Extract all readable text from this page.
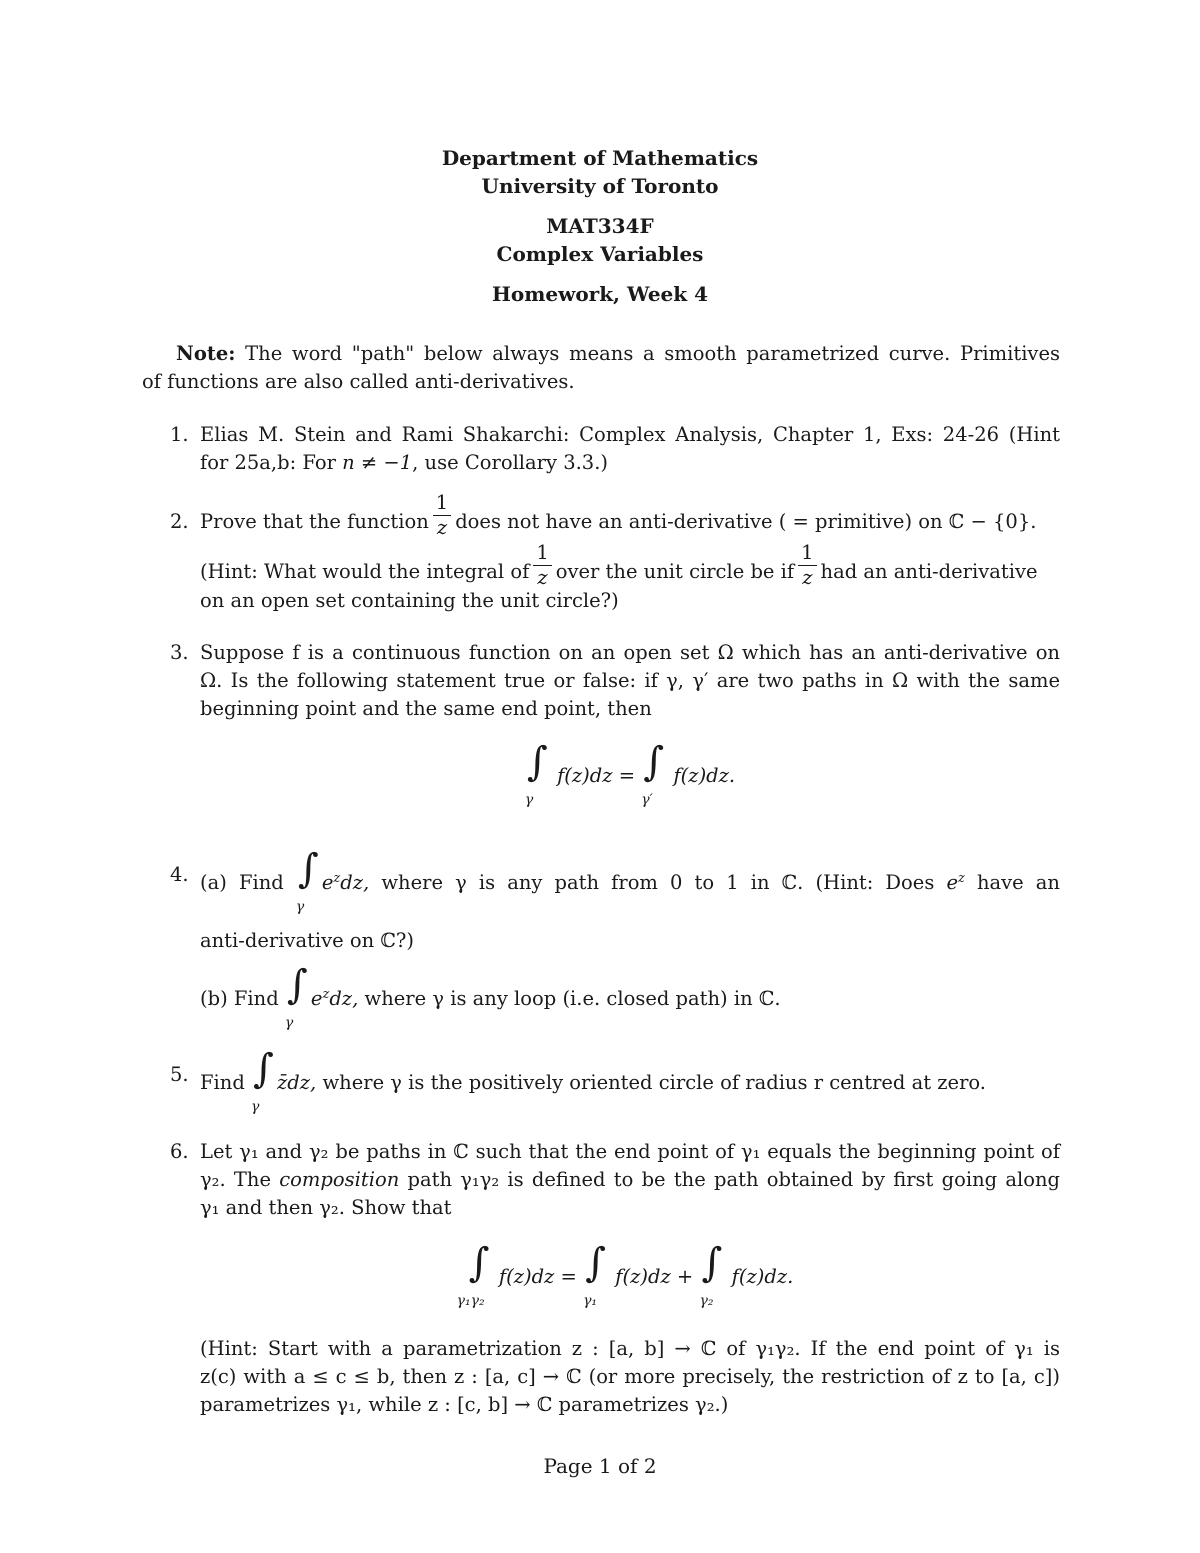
Department of Mathematics
University of Toronto
MAT334F
Complex Variables
Homework, Week 4
Note: The word "path" below always means a smooth parametrized curve. Primitives
of functions are also called anti-derivatives.
1. Elias M. Stein and Rami Shakarchi: Complex Analysis, Chapter 1, Exs: 24-26 (Hint
for 25a,b: For n ≠ −1, use Corollary 3.3.)
2. Prove that the function $\frac{1}{z}$ does not have an anti-derivative ( = primitive) on ℂ − {0}.
(Hint: What would the integral of $\frac{1}{z}$ over the unit circle be if $\frac{1}{z}$ had an anti-derivative
on an open set containing the unit circle?)
3. Suppose f is a continuous function on an open set Ω which has an anti-derivative on
Ω. Is the following statement true or false: if γ, γ′ are two paths in Ω with the same
beginning point and the same end point, then
∫
γ
f(z)dz = ∫
γ′
f(z)dz.
4. (a) Find ∫
γ
$e^zdz$, where γ is any path from 0 to 1 in ℂ. (Hint: Does $e^z$ have an
anti-derivative on ℂ?)
(b) Find ∫
γ
$e^zdz$, where γ is any loop (i.e. closed path) in ℂ.
5. Find ∫
γ
z̄dz, where γ is the positively oriented circle of radius r centred at zero.
6. Let γ₁ and γ₂ be paths in ℂ such that the end point of γ₁ equals the beginning point of
γ₂. The composition path γ₁γ₂ is defined to be the path obtained by first going along
γ₁ and then γ₂. Show that
∫
γ₁γ₂
f(z)dz = ∫
γ₁
f(z)dz + ∫
γ₂
f(z)dz.
(Hint: Start with a parametrization z : [a, b] → ℂ of γ₁γ₂. If the end point of γ₁ is
z(c) with a ≤ c ≤ b, then z : [a, c] → ℂ (or more precisely, the restriction of z to [a, c])
parametrizes γ₁, while z : [c, b] → ℂ parametrizes γ₂.)
Page 1 of 2
